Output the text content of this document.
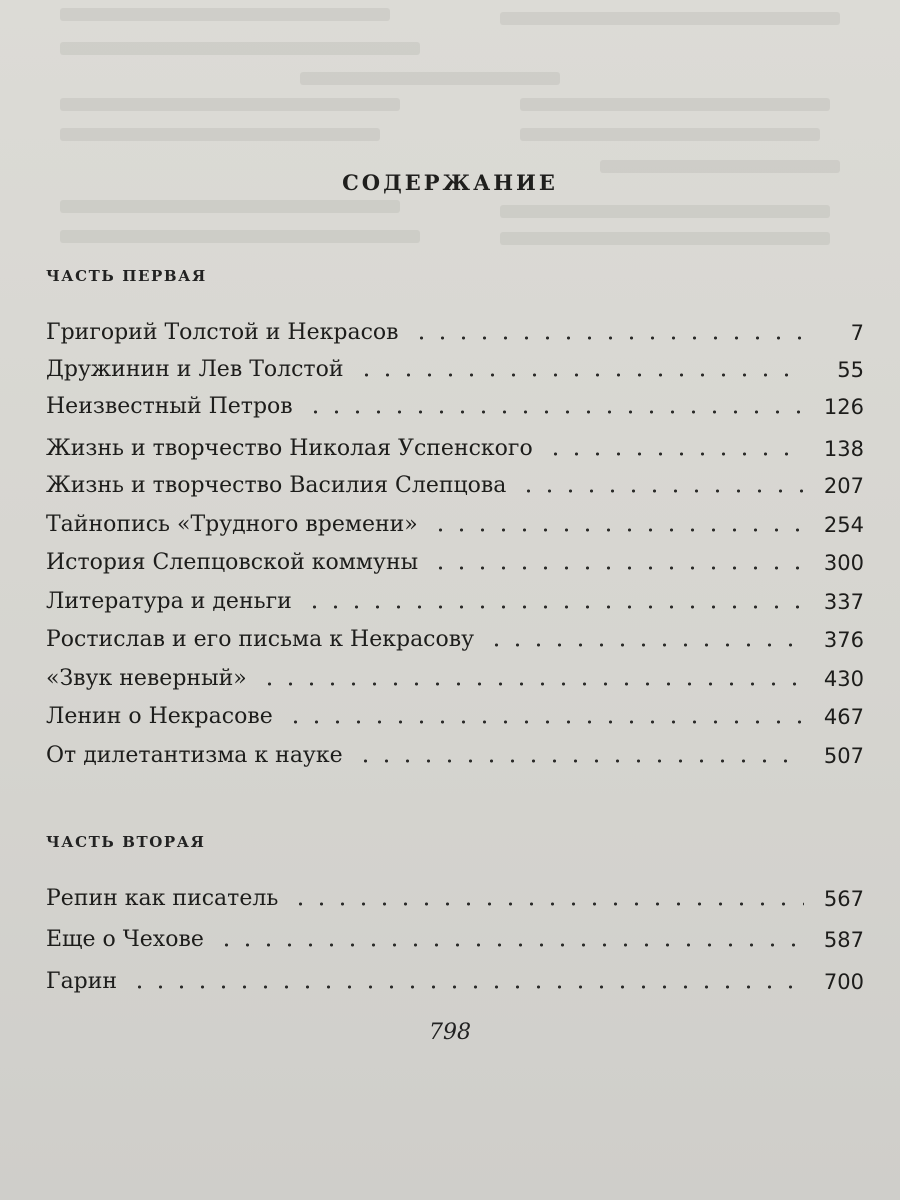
СОДЕРЖАНИЕ
ЧАСТЬ ПЕРВАЯ
Григорий Толстой и Некрасов	7
Дружинин и Лев Толстой	55
Неизвестный Петров	126
Жизнь и творчество Николая Успенского	138
Жизнь и творчество Василия Слепцова	207
Тайнопись «Трудного времени»	254
История Слепцовской коммуны	300
Литература и деньги	337
Ростислав и его письма к Некрасову	376
«Звук неверный»	430
Ленин о Некрасове	467
От дилетантизма к науке	507
ЧАСТЬ ВТОРАЯ
Репин как писатель	567
Еще о Чехове	587
Гарин	700
798
